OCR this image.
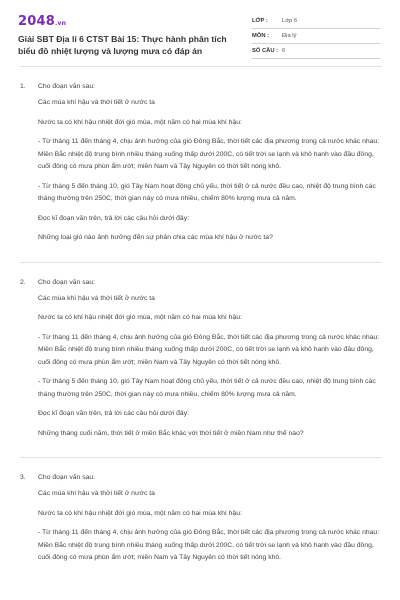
2048.vn
Giải SBT Địa lí 6 CTST Bài 15: Thực hành phân tích biểu đồ nhiệt lượng và lượng mưa có đáp án
LỚP :	Lớp 6
MÔN :	Địa lý
SỐ CÂU : 6
1.	Cho đoạn văn sau:

Các mùa khí hậu và thời tiết ở nước ta

Nước ta có khí hậu nhiệt đới gió mùa, một năm có hai mùa khí hậu:

- Từ tháng 11 đến tháng 4, chịu ảnh hưởng của gió Đông Bắc, thời tiết các địa phương trong cả nước khác nhau: Miền Bắc nhiệt độ trung bình nhiều tháng xuống thấp dưới 200C, có tiết trời se lạnh và khô hanh vào đầu đông, cuối đông có mưa phùn ẩm ướt; miền Nam và Tây Nguyên có thời tiết nóng khô.

- Từ tháng 5 đến tháng 10, gió Tây Nam hoạt động chủ yếu, thời tiết ở cả nước đều cao, nhiệt độ trung bình các tháng thường trên 250C, thời gian này có mưa nhiều, chiếm 80% lượng mưa cả năm.

Đọc kĩ đoạn văn trên, trả lời các câu hỏi dưới đây:

Những loại gió nào ảnh hưởng đến sự phân chia các mùa khí hậu ở nước ta?

2.	Cho đoạn văn sau:

Các mùa khí hậu và thời tiết ở nước ta

Nước ta có khí hậu nhiệt đới gió mùa, một năm có hai mùa khí hậu:

- Từ tháng 11 đến tháng 4, chịu ảnh hưởng của gió Đông Bắc, thời tiết các địa phương trong cả nước khác nhau: Miền Bắc nhiệt độ trung bình nhiều tháng xuống thấp dưới 200C, có tiết trời se lạnh và khô hanh vào đầu đông, cuối đông có mưa phùn ẩm ướt; miền Nam và Tây Nguyên có thời tiết nóng khô.

- Từ tháng 5 đến tháng 10, gió Tây Nam hoạt động chủ yếu, thời tiết ở cả nước đều cao, nhiệt độ trung bình các tháng thường trên 250C, thời gian này có mưa nhiều, chiếm 80% lượng mưa cả năm.

Đọc kĩ đoạn văn trên, trả lời các câu hỏi dưới đây:

Những tháng cuối năm, thời tiết ở miền Bắc khác với thời tiết ở miền Nam như thế nào?

3.	Cho đoạn văn sau:

Các mùa khí hậu và thời tiết ở nước ta

Nước ta có khí hậu nhiệt đới gió mùa, một năm có hai mùa khí hậu:

- Từ tháng 11 đến tháng 4, chịu ảnh hưởng của gió Đông Bắc, thời tiết các địa phương trong cả nước khác nhau: Miền Bắc nhiệt độ trung bình nhiều tháng xuống thấp dưới 200C, có tiết trời se lạnh và khô hanh vào đầu đông, cuối đông có mưa phùn ẩm ướt; miền Nam và Tây Nguyên có thời tiết nóng khô.
